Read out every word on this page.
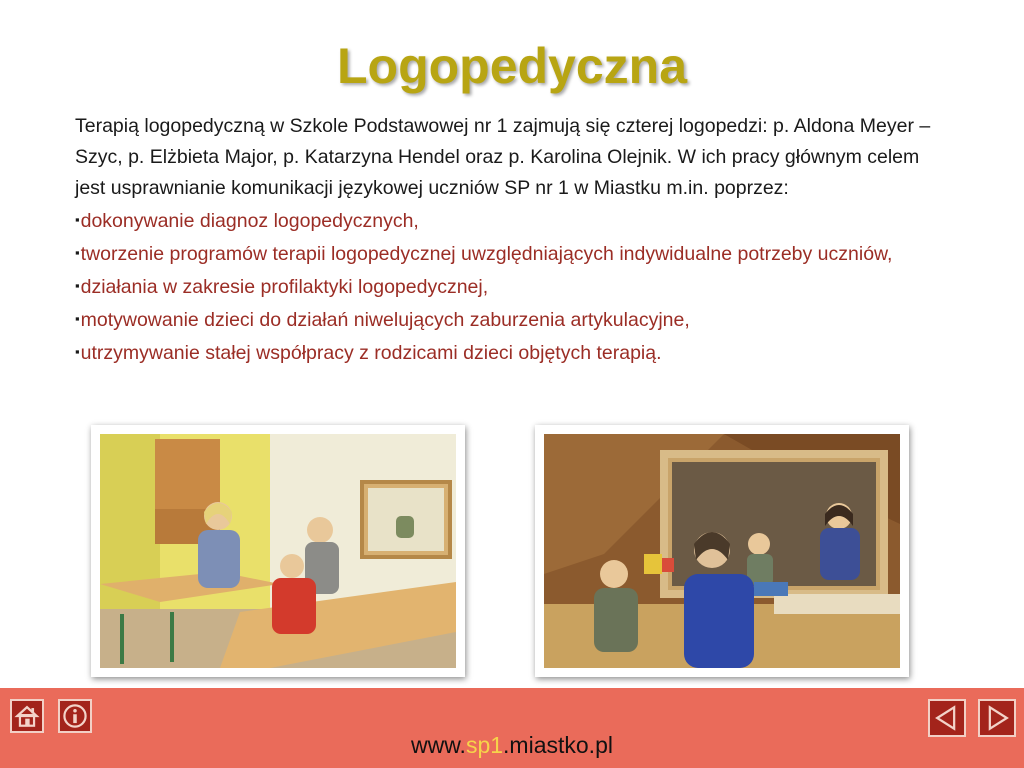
Logopedyczna

Terapią logopedyczną w Szkole Podstawowej nr 1 zajmują się czterej logopedzi: p. Aldona Meyer – Szyc, p. Elżbieta Major, p. Katarzyna Hendel oraz p. Karolina Olejnik. W ich pracy głównym celem jest usprawnianie komunikacji językowej uczniów SP nr 1 w Miastku m.in. poprzez:

▪dokonywanie diagnoz logopedycznych,
▪tworzenie programów terapii logopedycznej uwzględniających indywidualne potrzeby uczniów,
▪działania w zakresie profilaktyki logopedycznej,
▪motywowanie dzieci do działań niwelujących zaburzenia artykulacyjne,
▪utrzymywanie stałej współpracy z rodzicami dzieci objętych terapią.
www.sp1.miastko.pl
